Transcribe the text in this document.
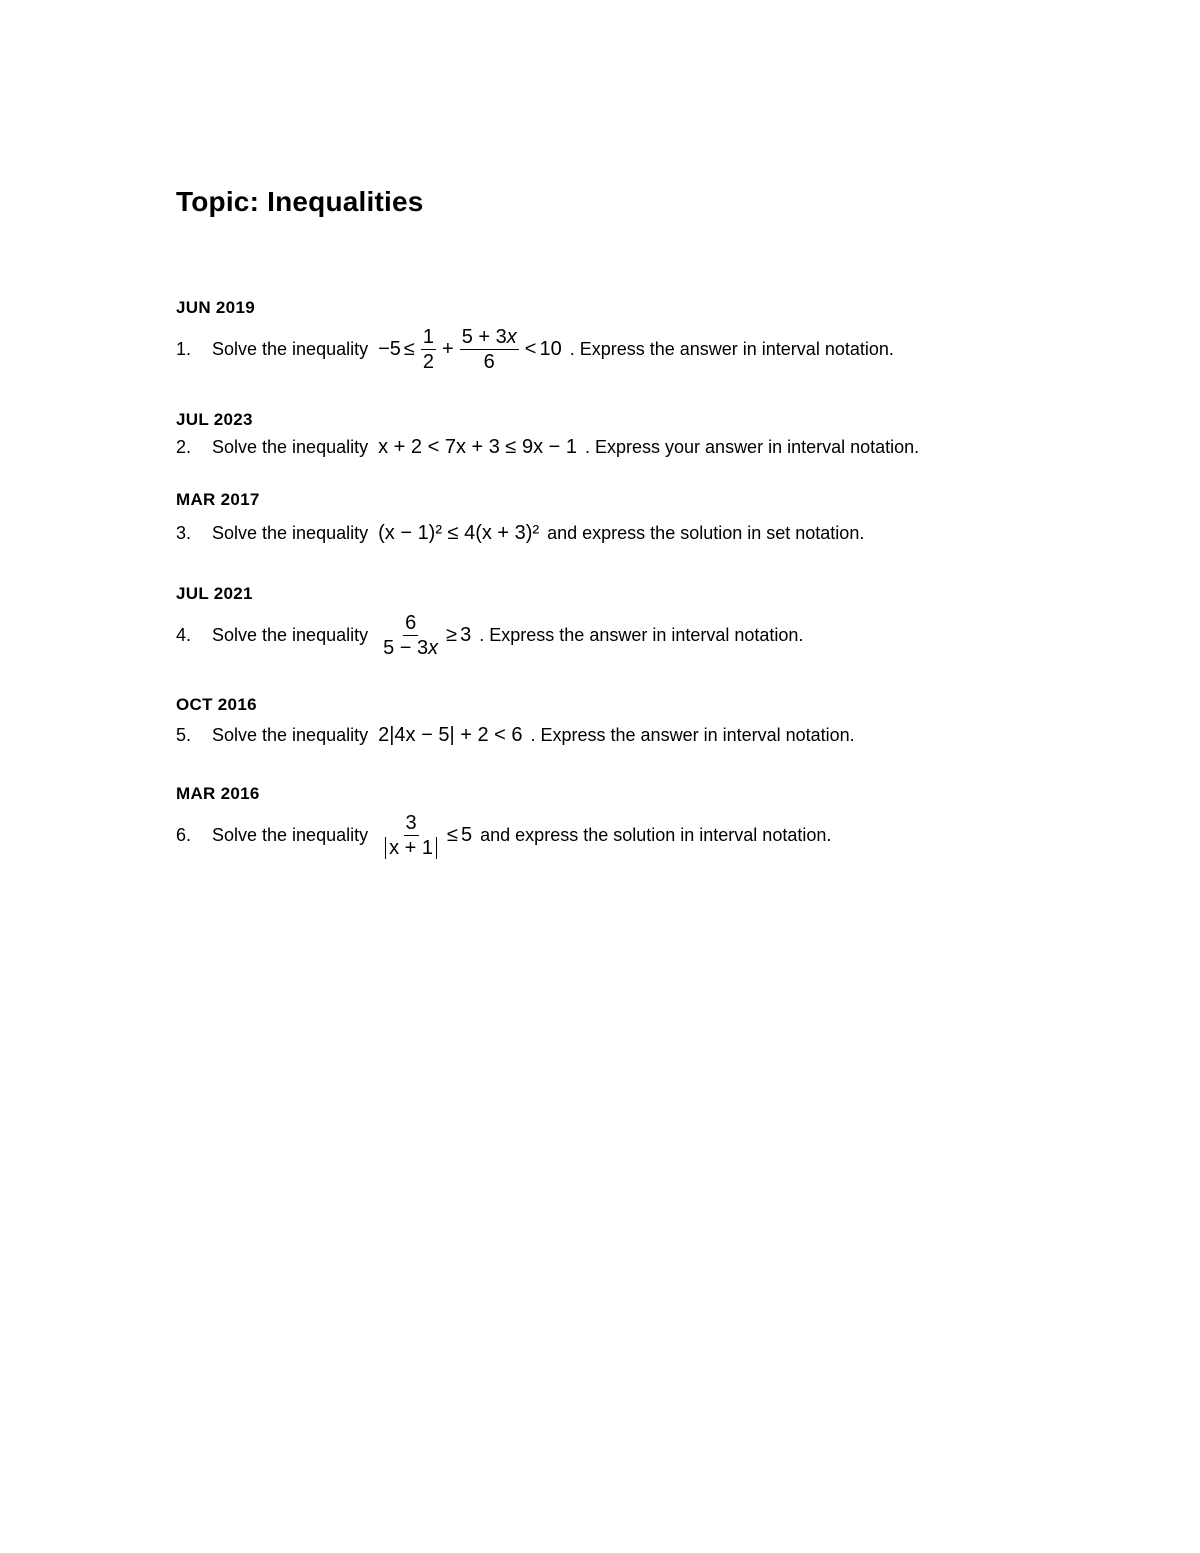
Topic: Inequalities
JUN 2019
1.	Solve the inequality $-5 \le \frac{1}{2} + \frac{5 + 3x}{6} < 10$ . Express the answer in interval notation.
JUL 2023
2.	Solve the inequality x + 2 < 7x + 3 ≤ 9x − 1 . Express your answer in interval notation.
MAR 2017
3.	Solve the inequality (x − 1)² ≤ 4(x + 3)² and express the solution in set notation.
JUL 2021
4.	Solve the inequality $\frac{6}{5 - 3x} \ge 3$ . Express the answer in interval notation.
OCT 2016
5.	Solve the inequality 2|4x − 5| + 2 < 6 . Express the answer in interval notation.
MAR 2016
6.	Solve the inequality $\frac{3}{x + 1} \le 5$ and express the solution in interval notation.
